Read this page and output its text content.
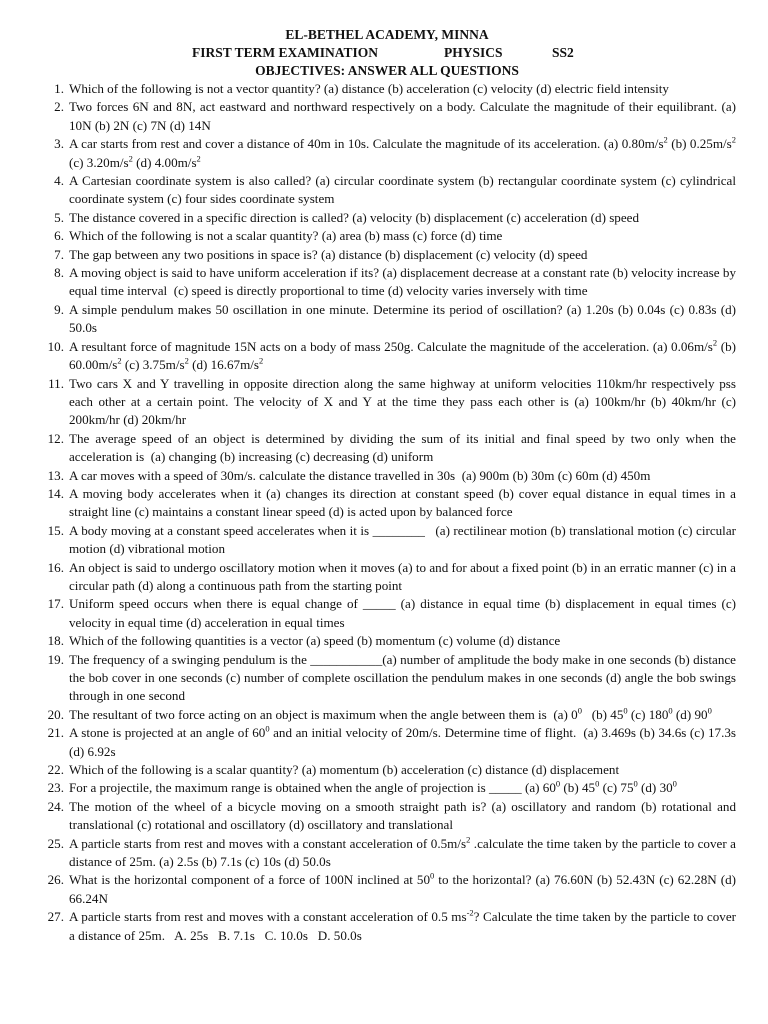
EL-BETHEL ACADEMY, MINNA
FIRST TERM EXAMINATION	PHYSICS	SS2
OBJECTIVES: ANSWER ALL QUESTIONS
1. Which of the following is not a vector quantity? (a) distance (b) acceleration (c) velocity (d) electric field intensity
2. Two forces 6N and 8N, act eastward and northward respectively on a body. Calculate the magnitude of their equilibrant. (a) 10N (b) 2N (c) 7N (d) 14N
3. A car starts from rest and cover a distance of 40m in 10s. Calculate the magnitude of its acceleration. (a) $0.80m/s^2$ (b) $0.25m/s^2$ (c) $3.20m/s^2$ (d) $4.00m/s^2$
4. A Cartesian coordinate system is also called? (a) circular coordinate system (b) rectangular coordinate system (c) cylindrical coordinate system (c) four sides coordinate system
5. The distance covered in a specific direction is called? (a) velocity (b) displacement (c) acceleration (d) speed
6. Which of the following is not a scalar quantity? (a) area (b) mass (c) force (d) time
7. The gap between any two positions in space is? (a) distance (b) displacement (c) velocity (d) speed
8. A moving object is said to have uniform acceleration if its? (a) displacement decrease at a constant rate (b) velocity increase by equal time interval  (c) speed is directly proportional to time (d) velocity varies inversely with time
9. A simple pendulum makes 50 oscillation in one minute. Determine its period of oscillation? (a) 1.20s (b) 0.04s (c) 0.83s (d) 50.0s
10. A resultant force of magnitude 15N acts on a body of mass 250g. Calculate the magnitude of the acceleration. (a) $0.06m/s^2$ (b) $60.00m/s^2$ (c) $3.75m/s^2$ (d) $16.67m/s^2$
11. Two cars X and Y travelling in opposite direction along the same highway at uniform velocities 110km/hr respectively pss each other at a certain point. The velocity of X and Y at the time they pass each other is (a) 100km/hr (b) 40km/hr (c) 200km/hr (d) 20km/hr
12. The average speed of an object is determined by dividing the sum of its initial and final speed by two only when the acceleration is  (a) changing (b) increasing (c) decreasing (d) uniform
13. A car moves with a speed of 30m/s. calculate the distance travelled in 30s  (a) 900m (b) 30m (c) 60m (d) 450m
14. A moving body accelerates when it (a) changes its direction at constant speed (b) cover equal distance in equal times in a straight line (c) maintains a constant linear speed (d) is acted upon by balanced force
15. A body moving at a constant speed accelerates when it is ________   (a) rectilinear motion (b) translational motion (c) circular motion (d) vibrational motion
16. An object is said to undergo oscillatory motion when it moves (a) to and for about a fixed point (b) in an erratic manner (c) in a circular path (d) along a continuous path from the starting point
17. Uniform speed occurs when there is equal change of _____ (a) distance in equal time (b) displacement in equal times (c) velocity in equal time (d) acceleration in equal times
18. Which of the following quantities is a vector (a) speed (b) momentum (c) volume (d) distance
19. The frequency of a swinging pendulum is the ___________(a) number of amplitude the body make in one seconds (b) distance the bob cover in one seconds (c) number of complete oscillation the pendulum makes in one seconds (d) angle the bob swings through in one second
20. The resultant of two force acting on an object is maximum when the angle between them is  (a) $0^0$   (b) $45^0$ (c) $180^0$ (d) $90^0$
21. A stone is projected at an angle of $60^0$ and an initial velocity of 20m/s. Determine time of flight.  (a) 3.469s (b) 34.6s (c) 17.3s (d) 6.92s
22. Which of the following is a scalar quantity? (a) momentum (b) acceleration (c) distance (d) displacement
23. For a projectile, the maximum range is obtained when the angle of projection is _____ (a) $60^0$ (b) $45^0$ (c) $75^0$ (d) $30^0$
24. The motion of the wheel of a bicycle moving on a smooth straight path is? (a) oscillatory and random (b) rotational and translational (c) rotational and oscillatory (d) oscillatory and translational
25. A particle starts from rest and moves with a constant acceleration of $0.5m/s^2$ .calculate the time taken by the particle to cover a distance of 25m. (a) 2.5s (b) 7.1s (c) 10s (d) 50.0s
26. What is the horizontal component of a force of 100N inclined at $50^0$ to the horizontal? (a) 76.60N (b) 52.43N (c) 62.28N (d) 66.24N
27. A particle starts from rest and moves with a constant acceleration of 0.5 $ms^{-2}$? Calculate the time taken by the particle to cover a distance of 25m.   A. 25s   B. 7.1s   C. 10.0s   D. 50.0s
